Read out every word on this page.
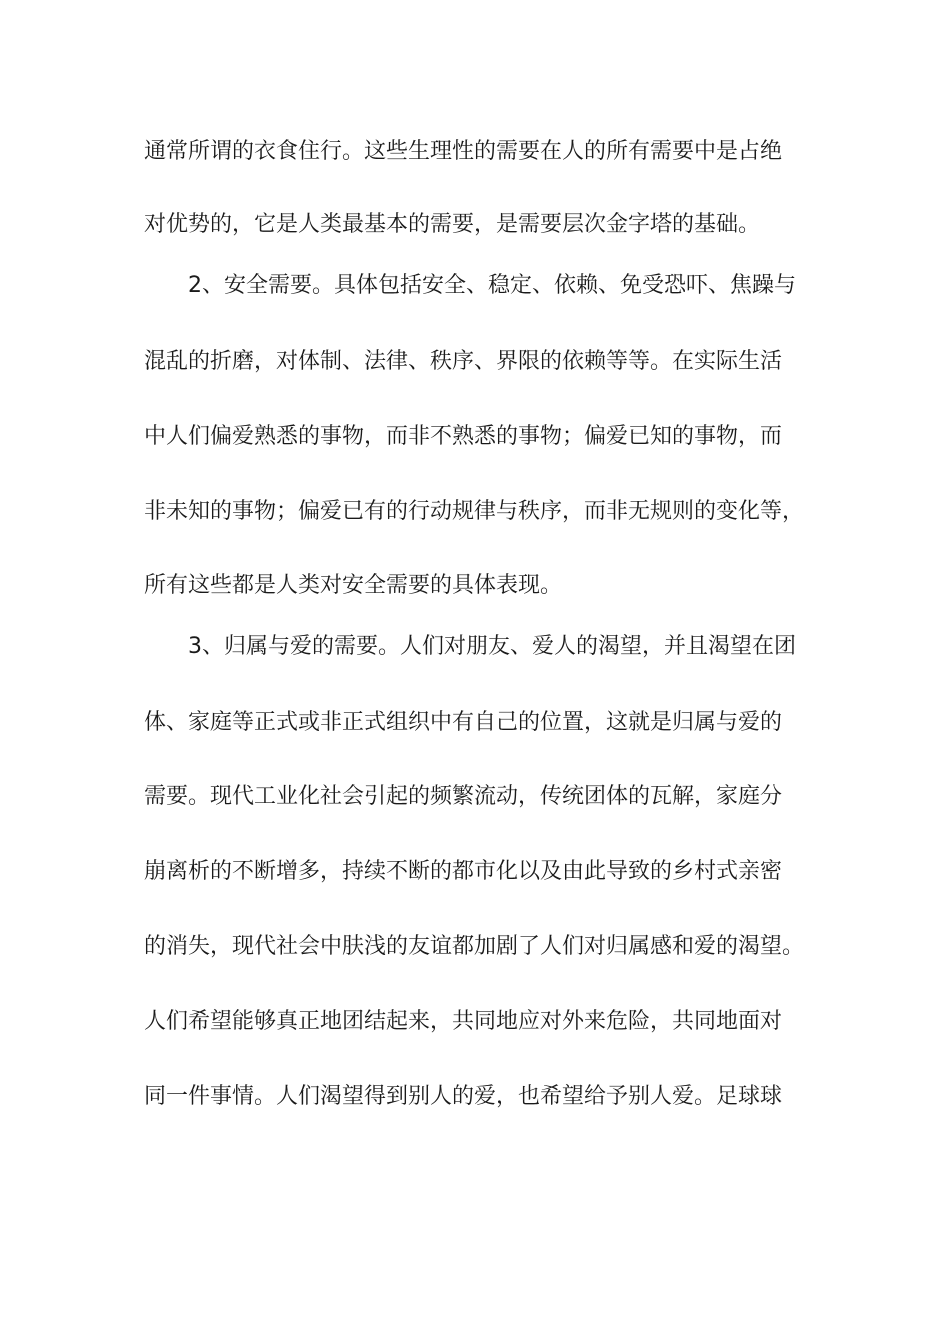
通常所谓的衣食住行。这些生理性的需要在人的所有需要中是占绝
对优势的，它是人类最基本的需要，是需要层次金字塔的基础。
2、安全需要。具体包括安全、稳定、依赖、免受恐吓、焦躁与
混乱的折磨，对体制、法律、秩序、界限的依赖等等。在实际生活
中人们偏爱熟悉的事物，而非不熟悉的事物；偏爱已知的事物，而
非未知的事物；偏爱已有的行动规律与秩序，而非无规则的变化等，
所有这些都是人类对安全需要的具体表现。
3、归属与爱的需要。人们对朋友、爱人的渴望，并且渴望在团
体、家庭等正式或非正式组织中有自己的位置，这就是归属与爱的
需要。现代工业化社会引起的频繁流动，传统团体的瓦解，家庭分
崩离析的不断增多，持续不断的都市化以及由此导致的乡村式亲密
的消失，现代社会中肤浅的友谊都加剧了人们对归属感和爱的渴望。
人们希望能够真正地团结起来，共同地应对外来危险，共同地面对
同一件事情。人们渴望得到别人的爱，也希望给予别人爱。足球球
